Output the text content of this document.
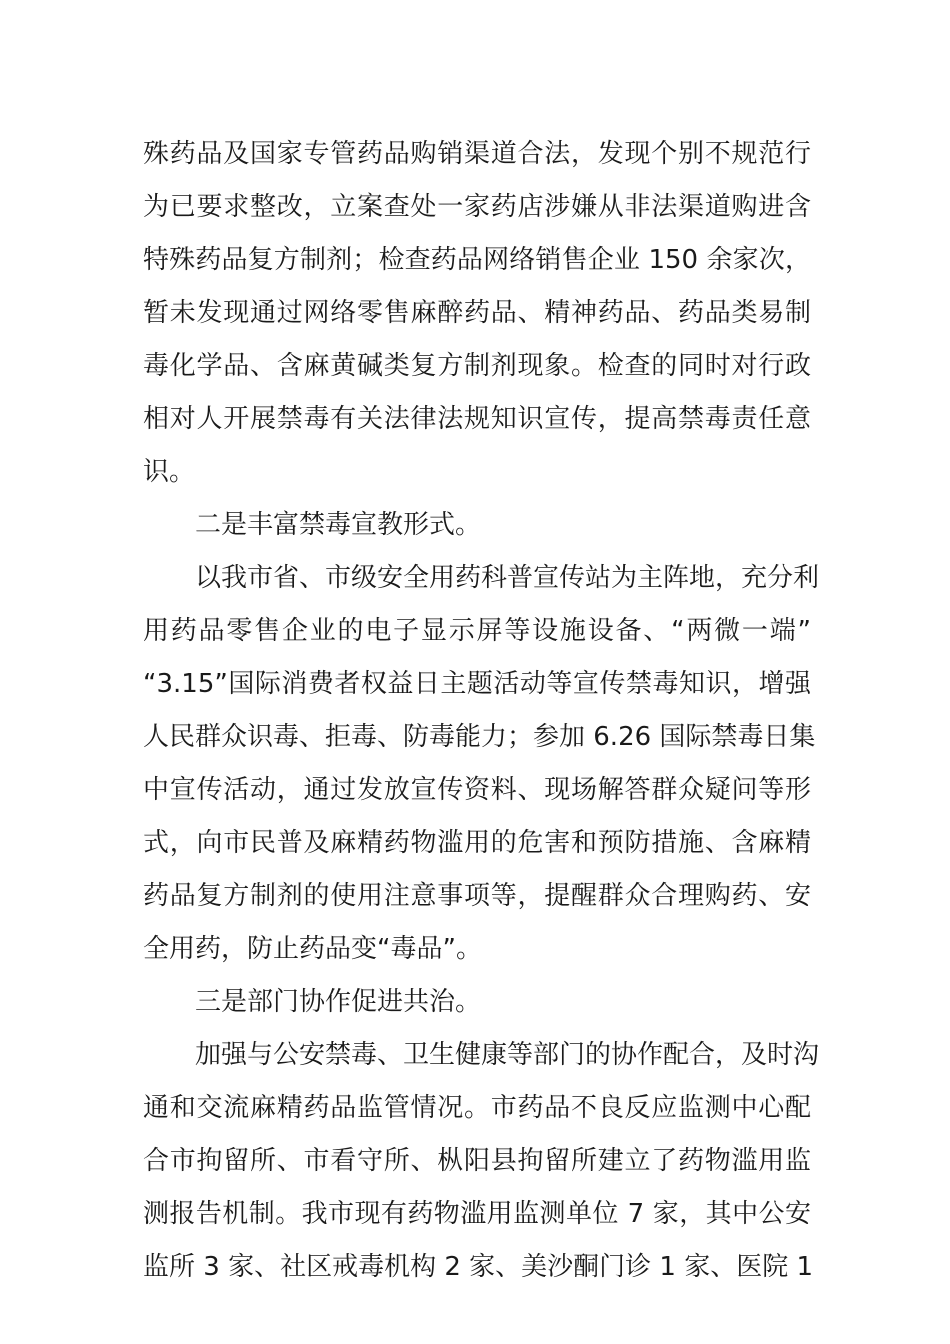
殊药品及国家专管药品购销渠道合法，发现个别不规范行
为已要求整改，立案查处一家药店涉嫌从非法渠道购进含
特殊药品复方制剂；检查药品网络销售企业 150 余家次，
暂未发现通过网络零售麻醉药品、精神药品、药品类易制
毒化学品、含麻黄碱类复方制剂现象。检查的同时对行政
相对人开展禁毒有关法律法规知识宣传，提高禁毒责任意
识。
二是丰富禁毒宣教形式。
以我市省、市级安全用药科普宣传站为主阵地，充分利
用药品零售企业的电子显示屏等设施设备、“两微一端”
“3.15”国际消费者权益日主题活动等宣传禁毒知识，增强
人民群众识毒、拒毒、防毒能力；参加 6.26 国际禁毒日集
中宣传活动，通过发放宣传资料、现场解答群众疑问等形
式，向市民普及麻精药物滥用的危害和预防措施、含麻精
药品复方制剂的使用注意事项等，提醒群众合理购药、安
全用药，防止药品变“毒品”。
三是部门协作促进共治。
加强与公安禁毒、卫生健康等部门的协作配合，及时沟
通和交流麻精药品监管情况。市药品不良反应监测中心配
合市拘留所、市看守所、枞阳县拘留所建立了药物滥用监
测报告机制。我市现有药物滥用监测单位 7 家，其中公安
监所 3 家、社区戒毒机构 2 家、美沙酮门诊 1 家、医院 1
